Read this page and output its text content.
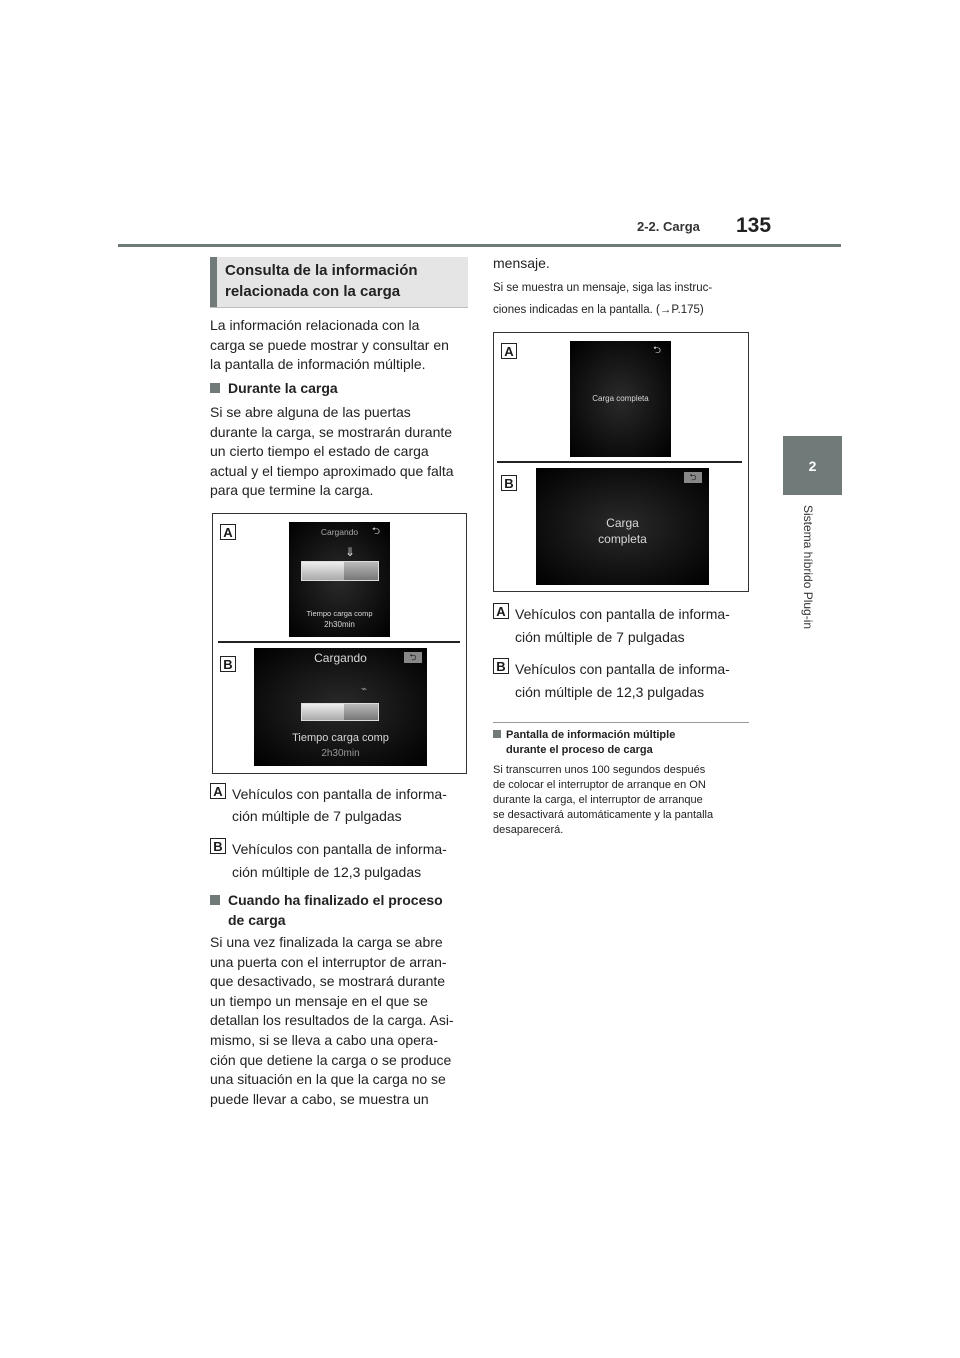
2-2. Carga 135
2
Sistema híbrido Plug-in
Consulta de la información relacionada con la carga
La información relacionada con la
carga se puede mostrar y consultar en
la pantalla de información múltiple.
Durante la carga
Si se abre alguna de las puertas
durante la carga, se mostrarán durante
un cierto tiempo el estado de carga
actual y el tiempo aproximado que falta
para que termine la carga.
A
B
Cargando	⮌
⇓
Tiempo carga comp
2h30min
Cargando	⮌
⌁
Tiempo carga comp
2h30min
A Vehículos con pantalla de informa-
ción múltiple de 7 pulgadas
B Vehículos con pantalla de informa-
ción múltiple de 12,3 pulgadas
Cuando ha finalizado el proceso
de carga
Si una vez finalizada la carga se abre
una puerta con el interruptor de arran-
que desactivado, se mostrará durante
un tiempo un mensaje en el que se
detallan los resultados de la carga. Asi-
mismo, si se lleva a cabo una opera-
ción que detiene la carga o se produce
una situación en la que la carga no se
puede llevar a cabo, se muestra un
mensaje.
Si se muestra un mensaje, siga las instruc-
ciones indicadas en la pantalla. (→P.175)
A
B
⮌
Carga completa
⮌
Carga
completa
A Vehículos con pantalla de informa-
ción múltiple de 7 pulgadas
B Vehículos con pantalla de informa-
ción múltiple de 12,3 pulgadas
Pantalla de información múltiple
durante el proceso de carga
Si transcurren unos 100 segundos después
de colocar el interruptor de arranque en ON
durante la carga, el interruptor de arranque
se desactivará automáticamente y la pantalla
desaparecerá.
